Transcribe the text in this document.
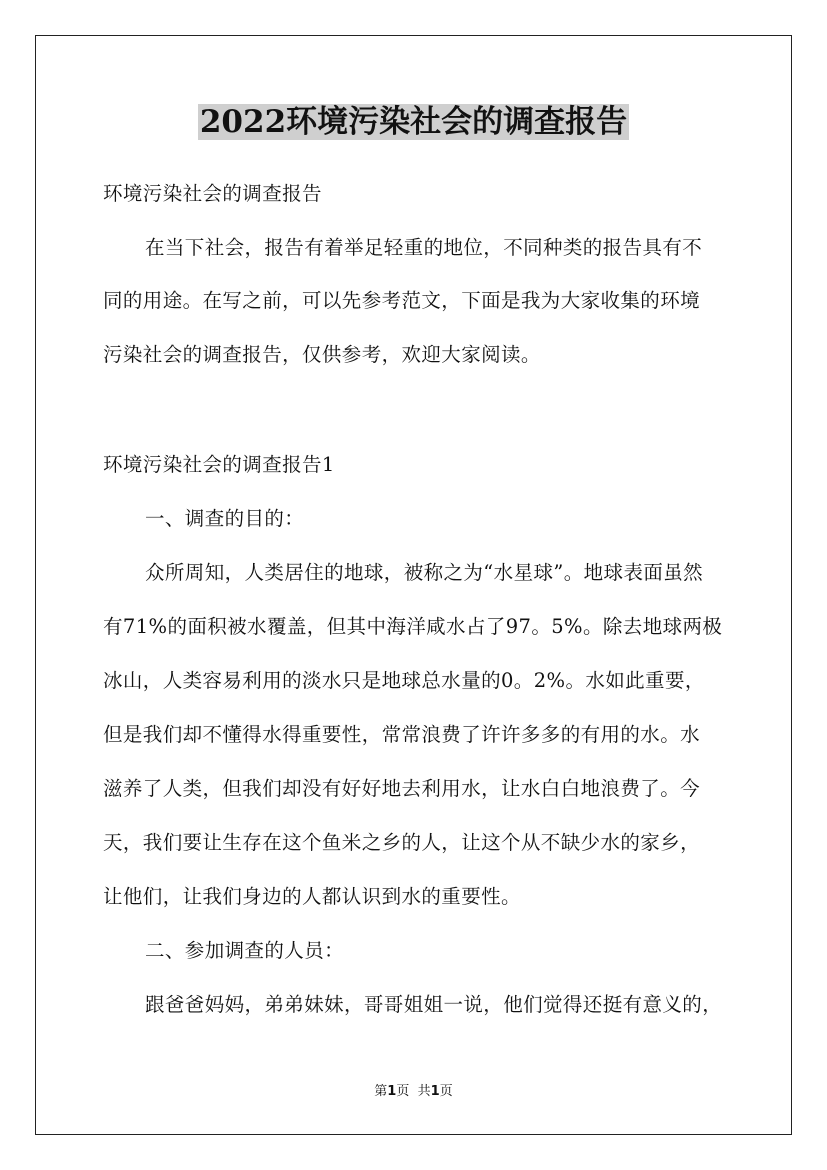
2022环境污染社会的调查报告
环境污染社会的调查报告
在当下社会，报告有着举足轻重的地位，不同种类的报告具有不
同的用途。在写之前，可以先参考范文，下面是我为大家收集的环境
污染社会的调查报告，仅供参考，欢迎大家阅读。
环境污染社会的调查报告1
一、调查的目的：
众所周知，人类居住的地球，被称之为“水星球”。地球表面虽然
有71%的面积被水覆盖，但其中海洋咸水占了97。5%。除去地球两极
冰山，人类容易利用的淡水只是地球总水量的0。2%。水如此重要，
但是我们却不懂得水得重要性，常常浪费了许许多多的有用的水。水
滋养了人类，但我们却没有好好地去利用水，让水白白地浪费了。今
天，我们要让生存在这个鱼米之乡的人，让这个从不缺少水的家乡，
让他们，让我们身边的人都认识到水的重要性。
二、参加调查的人员：
跟爸爸妈妈，弟弟妹妹，哥哥姐姐一说，他们觉得还挺有意义的，
第1页 共1页
